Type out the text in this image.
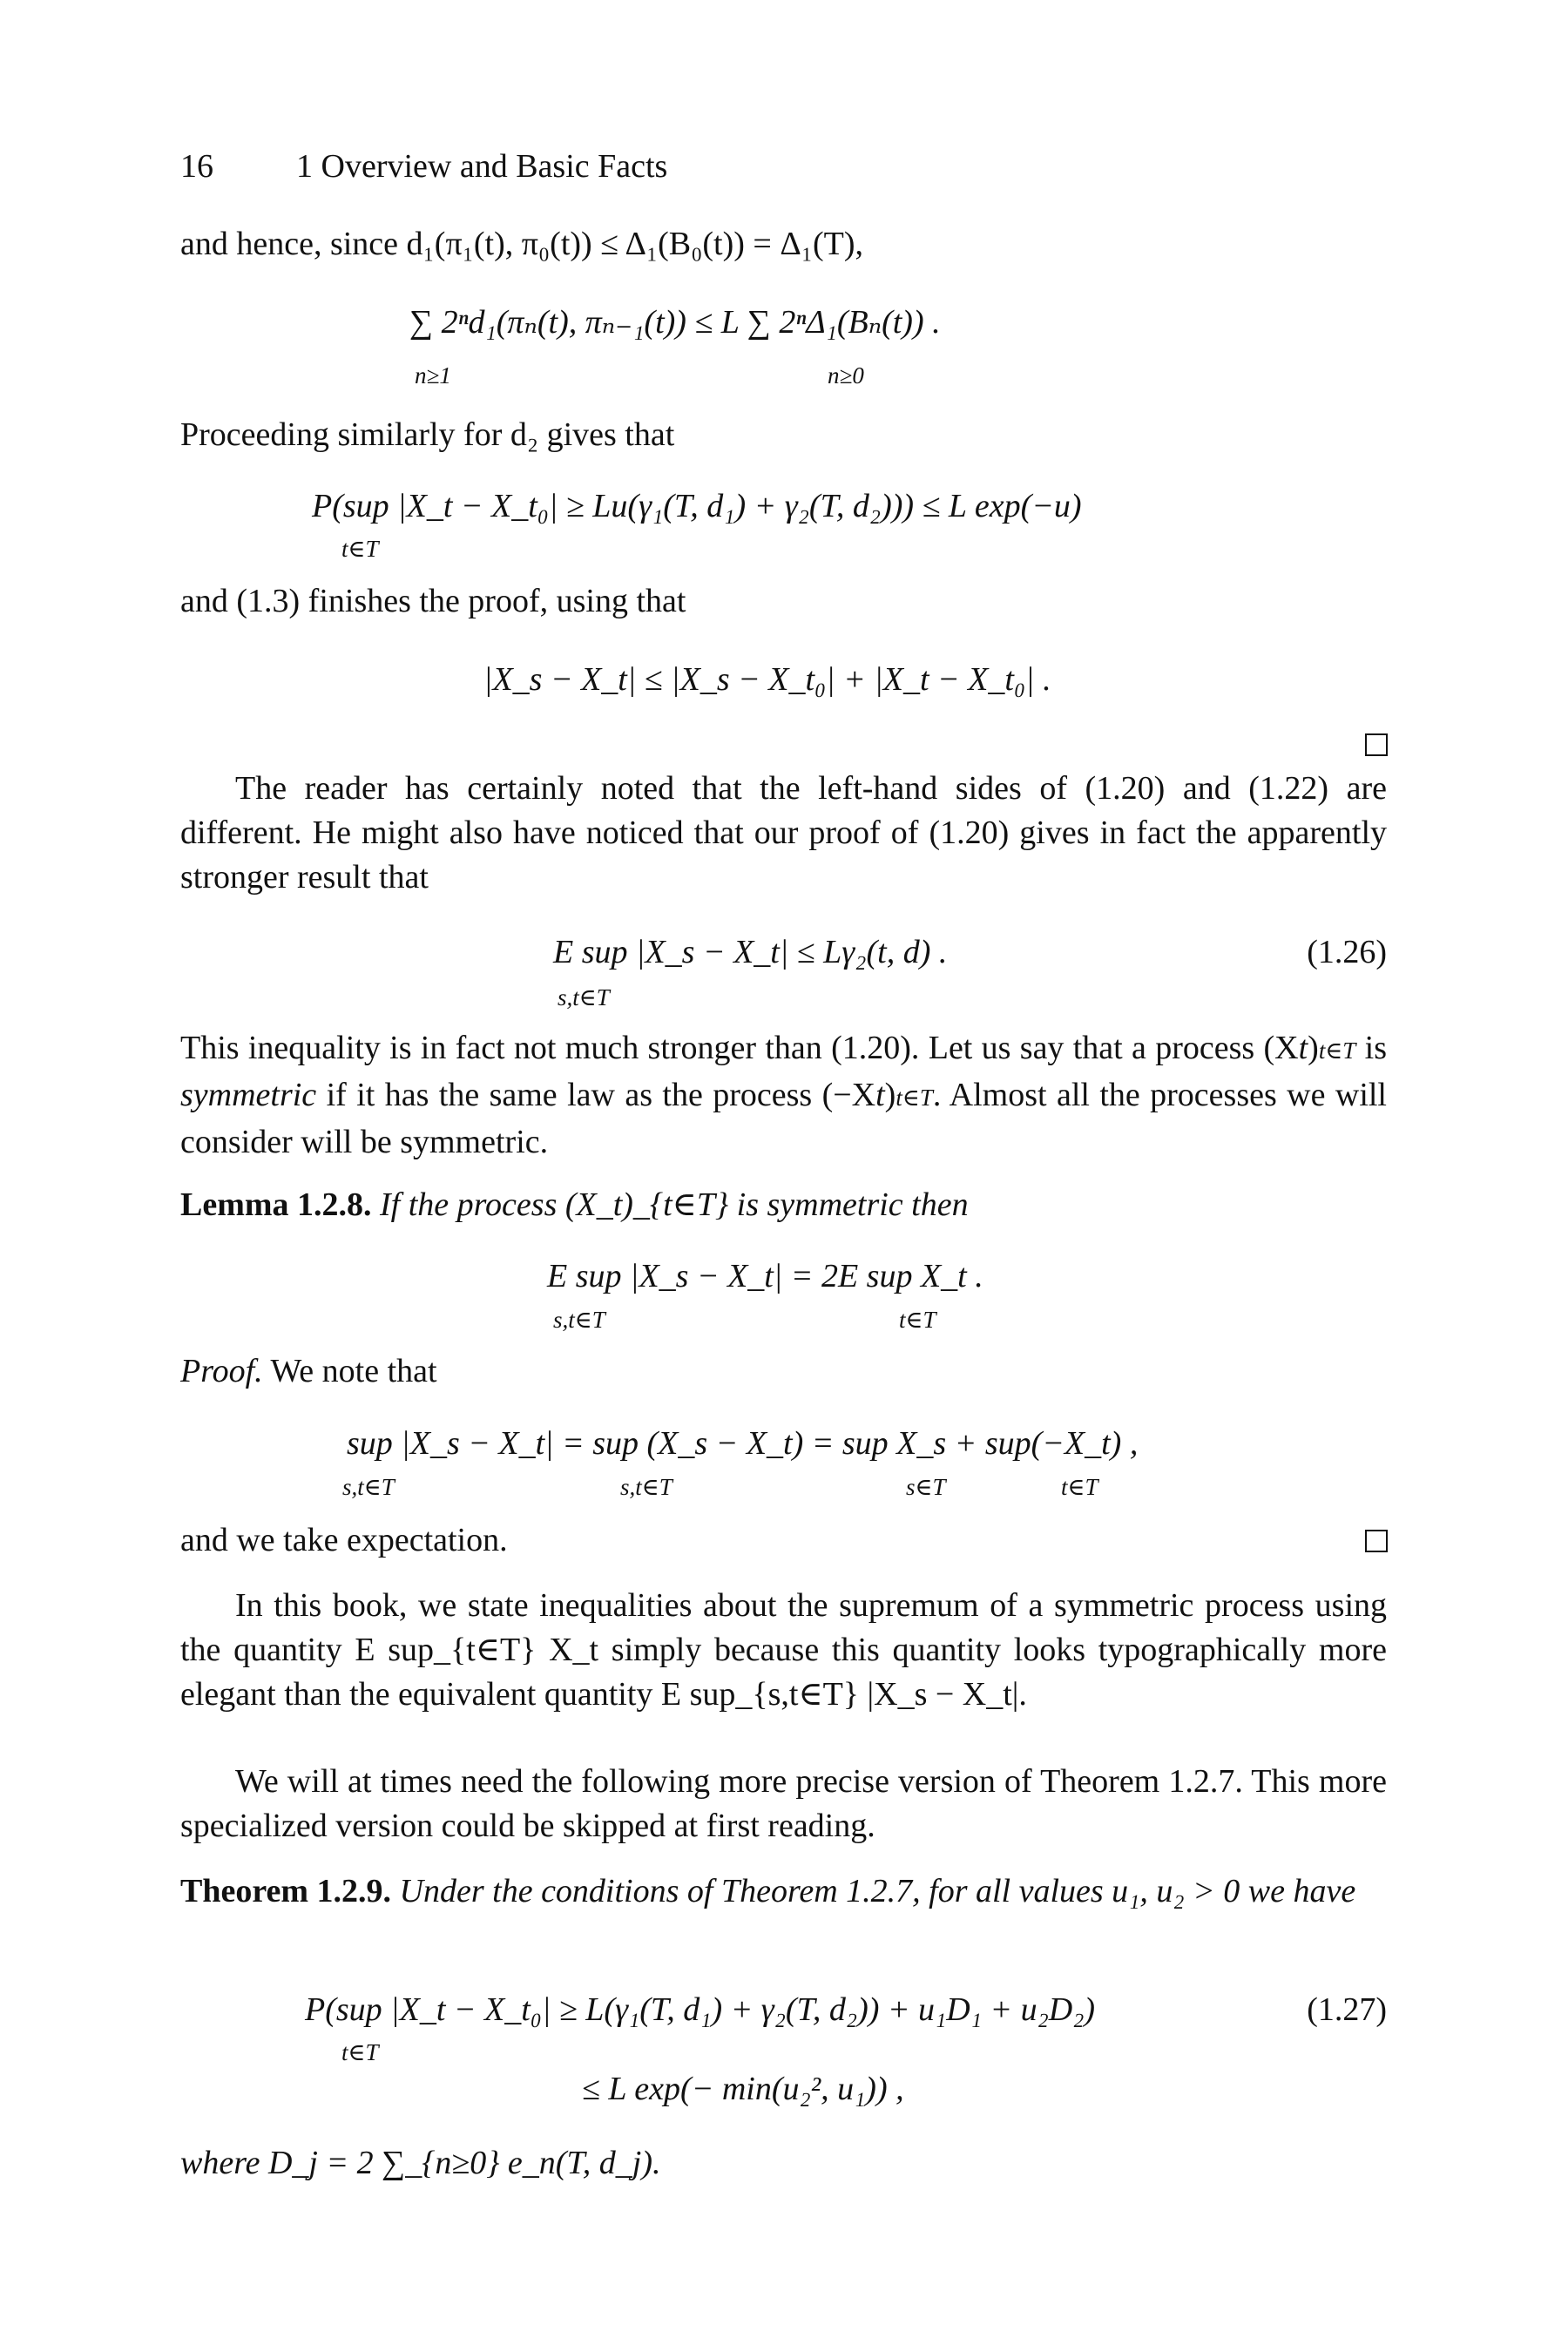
16	1 Overview and Basic Facts
and hence, since d₁(π₁(t), π₀(t)) ≤ Δ₁(B₀(t)) = Δ₁(T),
∑ 2ⁿd₁(πₙ(t), πₙ₋₁(t)) ≤ L ∑ 2ⁿΔ₁(Bₙ(t)) .
n≥1	n≥0
Proceeding similarly for d₂ gives that
P(sup |X_t − X_t₀| ≥ Lu(γ₁(T, d₁) + γ₂(T, d₂))) ≤ L exp(−u)
t∈T
and (1.3) finishes the proof, using that
|X_s − X_t| ≤ |X_s − X_t₀| + |X_t − X_t₀| .
The reader has certainly noted that the left-hand sides of (1.20) and (1.22) are different. He might also have noticed that our proof of (1.20) gives in fact the apparently stronger result that
E sup |X_s − X_t| ≤ Lγ₂(t, d) .
s,t∈T
(1.26)
This inequality is in fact not much stronger than (1.20). Let us say that a process (Xt)t∈T is symmetric if it has the same law as the process (−Xt)t∈T. Almost all the processes we will consider will be symmetric.
Lemma 1.2.8. If the process (X_t)_{t∈T} is symmetric then
E sup |X_s − X_t| = 2E sup X_t .
s,t∈T	t∈T
Proof. We note that
sup |X_s − X_t| = sup (X_s − X_t) = sup X_s + sup(−X_t) ,
s,t∈T	s,t∈T	s∈T	t∈T
and we take expectation.
In this book, we state inequalities about the supremum of a symmetric process using the quantity E sup_{t∈T} X_t simply because this quantity looks typographically more elegant than the equivalent quantity E sup_{s,t∈T} |X_s − X_t|.
We will at times need the following more precise version of Theorem 1.2.7. This more specialized version could be skipped at first reading.
Theorem 1.2.9. Under the conditions of Theorem 1.2.7, for all values u₁, u₂ > 0 we have
P(sup |X_t − X_t₀| ≥ L(γ₁(T, d₁) + γ₂(T, d₂)) + u₁D₁ + u₂D₂)
t∈T
(1.27)
≤ L exp(− min(u₂², u₁)) ,
where D_j = 2 ∑_{n≥0} e_n(T, d_j).
